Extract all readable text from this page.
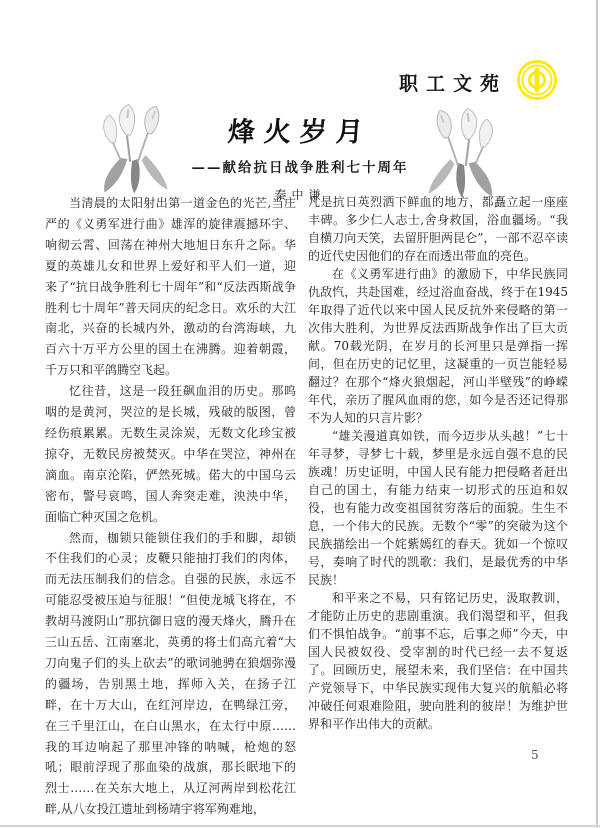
职工文苑
烽火岁月
——献给抗日战争胜利七十周年
秦中谦

当清晨的太阳射出第一道金色的光芒,当庄严的《义勇军进行曲》雄浑的旋律震撼环宇、响彻云霄、回荡在神州大地旭日东升之际。华夏的英雄儿女和世界上爱好和平人们一道，迎来了“抗日战争胜利七十周年”和“反法西斯战争胜利七十周年”普天同庆的纪念日。欢乐的大江南北，兴奋的长城内外，激动的台湾海峡，九百六十万平方公里的国土在沸腾。迎着朝霞，千万只和平鸽腾空飞起。

忆往昔，这是一段狂飙血泪的历史。那呜咽的是黄河，哭泣的是长城，残破的版图，曾经伤痕累累。无数生灵涂炭，无数文化珍宝被掠夺，无数民房被焚灭。中华在哭泣，神州在滴血。南京沦陷，俨然死城。偌大的中国乌云密布，警号哀鸣，国人奔突走难，泱泱中华，面临亡种灭国之危机。

然而，枷锁只能锁住我们的手和脚，却锁不住我们的心灵；皮鞭只能抽打我们的肉体，而无法压制我们的信念。自强的民族，永远不可能忍受被压迫与征服！“但使龙城飞将在，不教胡马渡阴山”那抗御日寇的漫天烽火，腾升在三山五岳、江南塞北，英勇的将士们高亢着“大刀向鬼子们的头上砍去”的歌词驰骋在狼烟弥漫的疆场，告别黑土地，挥师入关，在扬子江畔，在十万大山，在红河岸边，在鸭绿江旁，在三千里江山，在白山黑水，在太行中原……我的耳边响起了那里冲锋的呐喊，枪炮的怒吼；眼前浮现了那血染的战旗，那长眠地下的烈士……在关东大地上，从辽河两岸到松花江畔,从八女投江遗址到杨靖宇将军殉难地，

凡是抗日英烈洒下鲜血的地方，都矗立起一座座丰碑。多少仁人志士,舍身救国，浴血疆场。“我自横刀向天笑，去留肝胆两昆仑”，一部不忍卒读的近代史因他们的存在而透出带血的亮色。

在《义勇军进行曲》的激励下，中华民族同仇敌忾，共赴国难，经过浴血奋战，终于在1945年取得了近代以来中国人民反抗外来侵略的第一次伟大胜利，为世界反法西斯战争作出了巨大贡献。70载光阴，在岁月的长河里只是弹指一挥间，但在历史的记忆里，这凝重的一页岂能轻易翻过？在那个“烽火狼烟起，河山半壁残”的峥嵘年代，亲历了腥风血雨的您，如今是否还记得那不为人知的只言片影？

“雄关漫道真如铁，而今迈步从头越！”七十年寻梦，寻梦七十载，梦里是永远自强不息的民族魂！历史证明，中国人民有能力把侵略者赶出自己的国土，有能力结束一切形式的压迫和奴役，也有能力改变祖国贫穷落后的面貌。生生不息，一个伟大的民族。无数个“零”的突破为这个民族描绘出一个姹紫嫣红的春天。犹如一个惊叹号，奏响了时代的凯歌：我们，是最优秀的中华民族！

和平来之不易，只有铭记历史，汲取教训，才能防止历史的悲剧重演。我们渴望和平，但我们不惧怕战争。“前事不忘，后事之师”今天，中国人民被奴役、受宰割的时代已经一去不复返了。回顾历史，展望未来，我们坚信：在中国共产党领导下，中华民族实现伟大复兴的航船必将冲破任何艰难险阻，驶向胜利的彼岸！为维护世界和平作出伟大的贡献。

5
